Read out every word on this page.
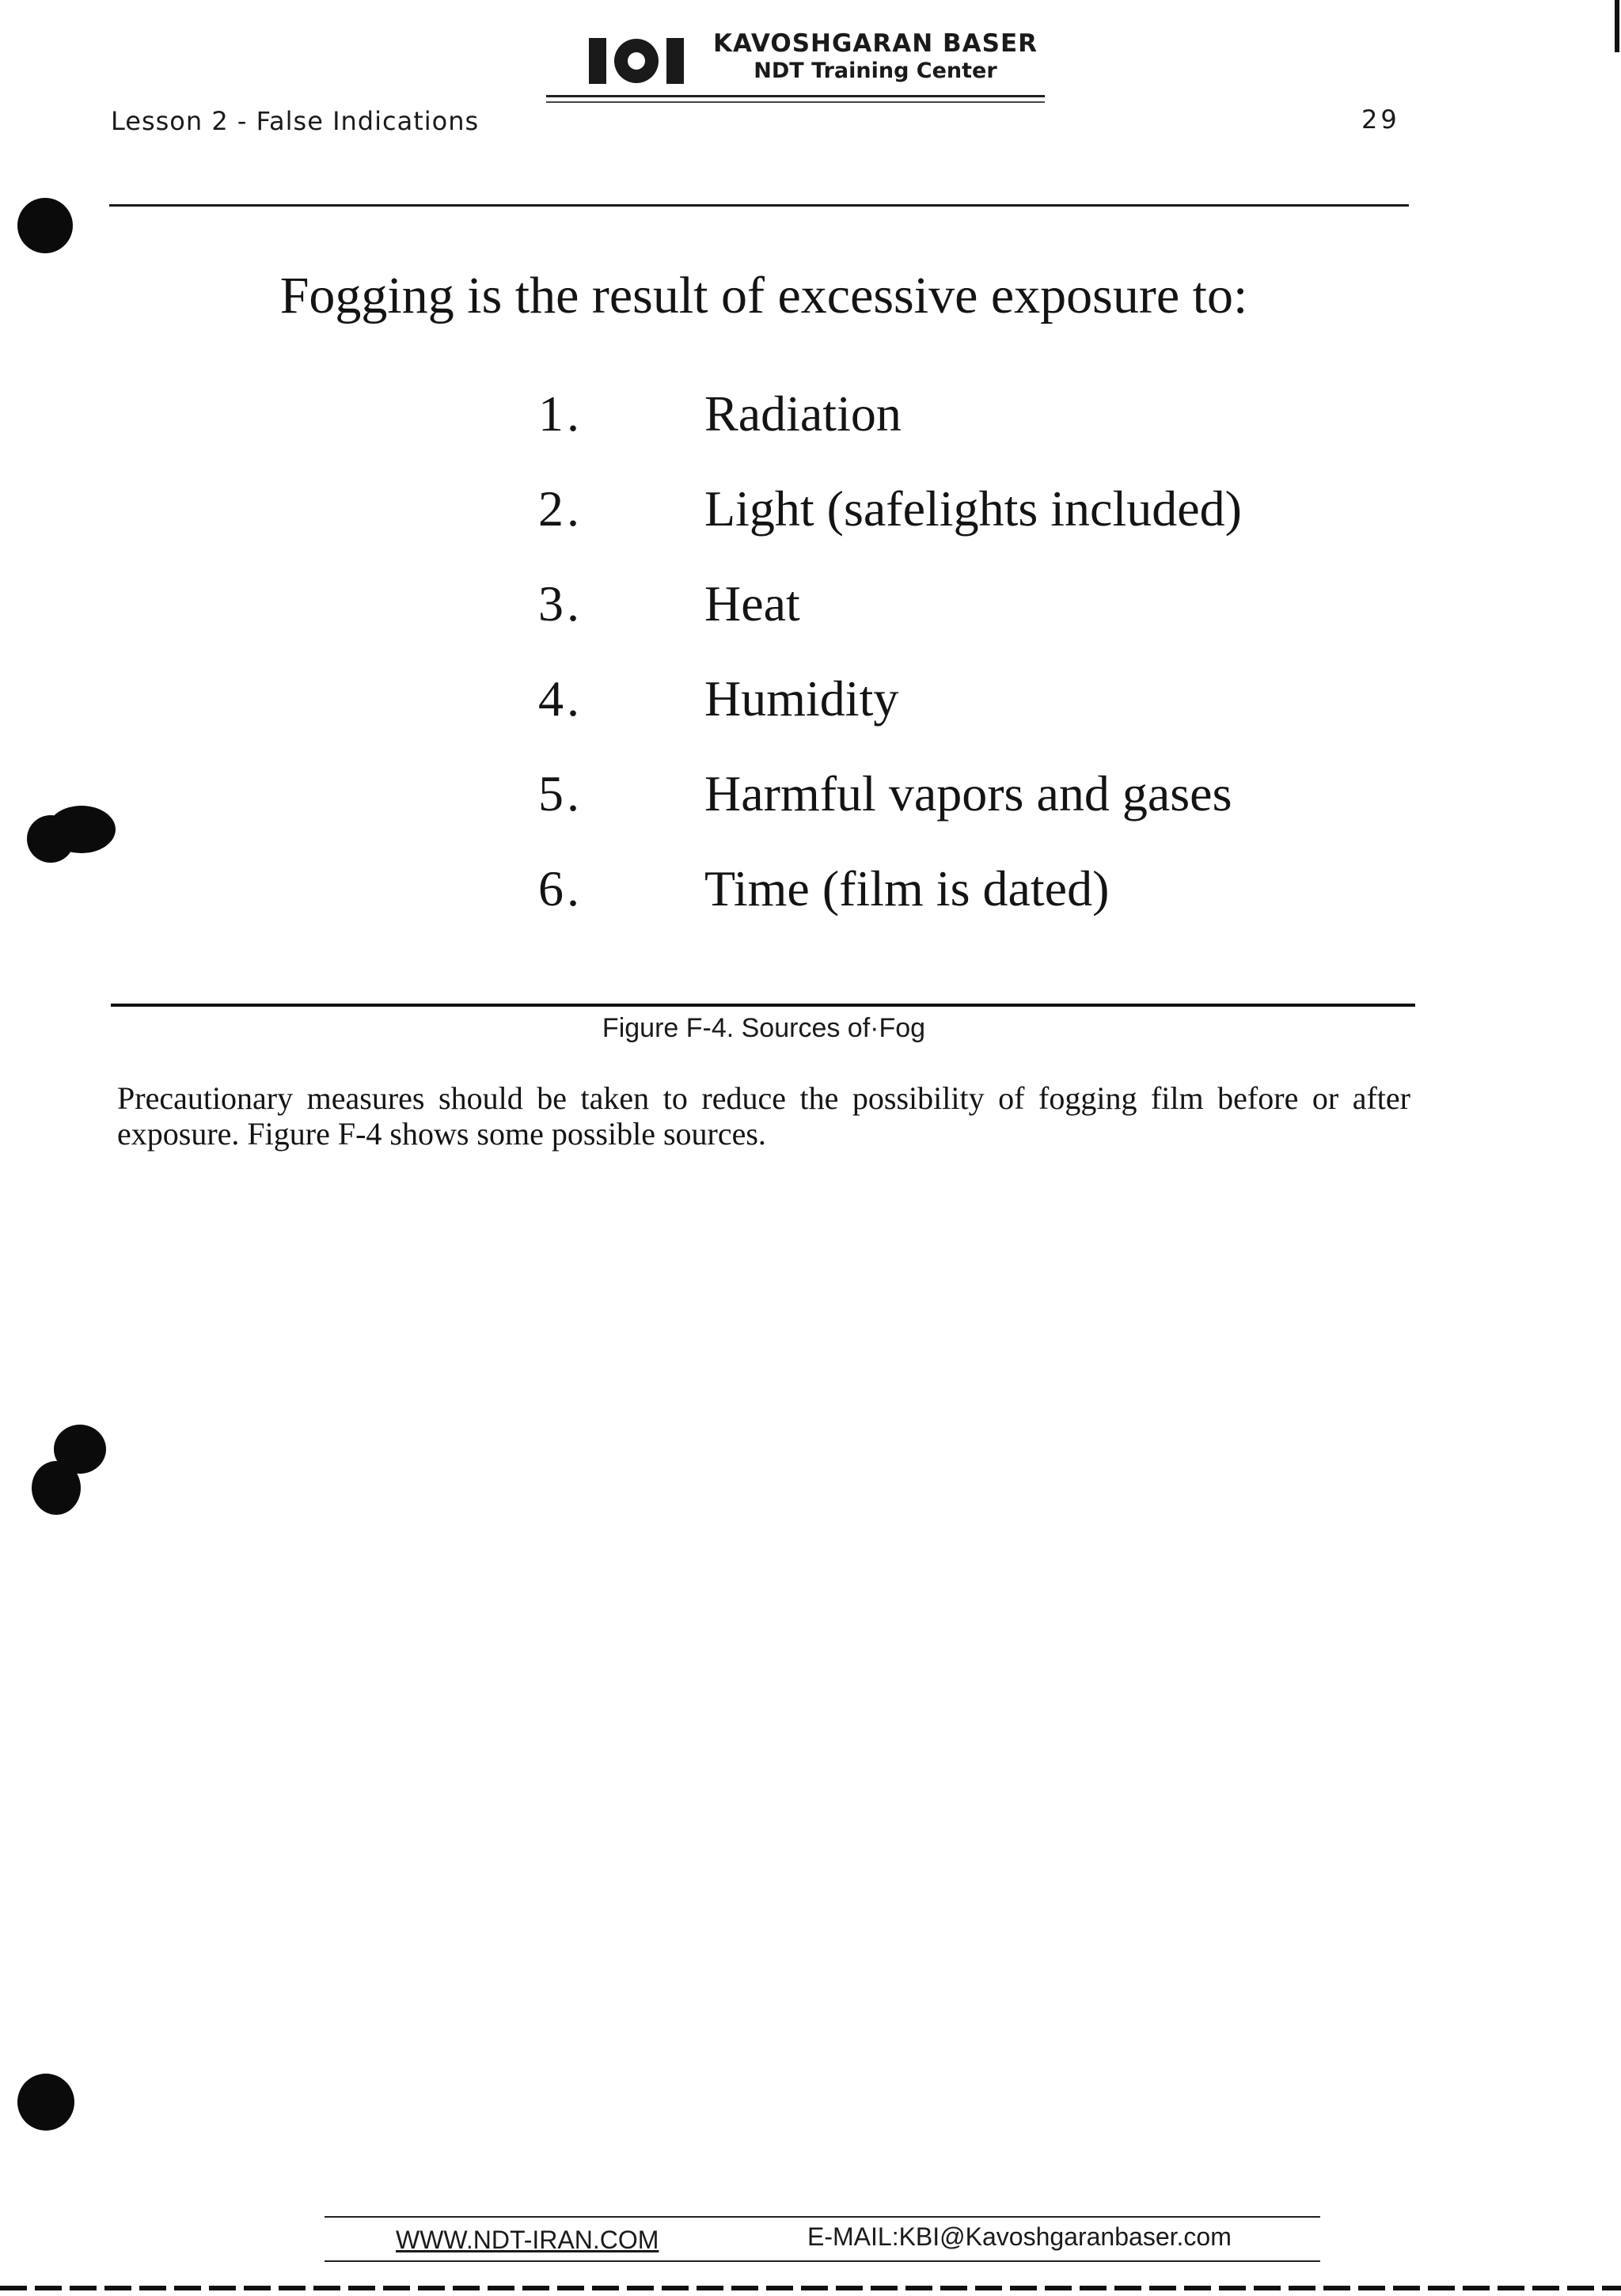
KAVOSHGARAN BASER
NDT Training Center
Lesson 2 - False Indications	29
Fogging is the result of excessive exposure to:
1. Radiation
2. Light (safelights included)
3. Heat
4. Humidity
5. Harmful vapors and gases
6. Time (film is dated)
Figure F-4. Sources of·Fog
Precautionary measures should be taken to reduce the possibility of fogging film before or after exposure. Figure F-4 shows some possible sources.
WWW.NDT-IRAN.COM	E-MAIL:KBI@Kavoshgaranbaser.com
